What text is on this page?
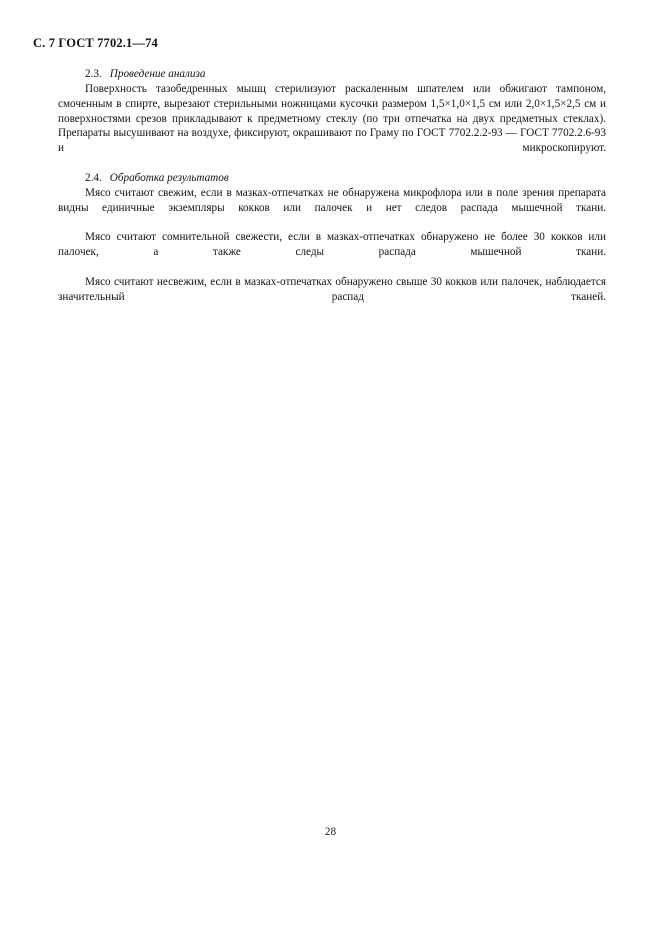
С. 7 ГОСТ 7702.1—74

2.3. Проведение анализа

Поверхность тазобедренных мышц стерилизуют раскаленным шпателем или обжигают тампоном, смоченным в спирте, вырезают стерильными ножницами кусочки размером 1,5×1,0×1,5 см или 2,0×1,5×2,5 см и поверхностями срезов прикладывают к предметному стеклу (по три отпечатка на двух предметных стеклах). Препараты высушивают на воздухе, фиксируют, окрашивают по Граму по ГОСТ 7702.2.2-93 — ГОСТ 7702.2.6-93 и микроскопируют.

2.4. Обработка результатов

Мясо считают свежим, если в мазках-отпечатках не обнаружена микрофлора или в поле зрения препарата видны единичные экземпляры кокков или палочек и нет следов распада мышечной ткани.

Мясо считают сомнительной свежести, если в мазках-отпечатках обнаружено не более 30 кокков или палочек, а также следы распада мышечной ткани.

Мясо считают несвежим, если в мазках-отпечатках обнаружено свыше 30 кокков или палочек, наблюдается значительный распад тканей.

28
